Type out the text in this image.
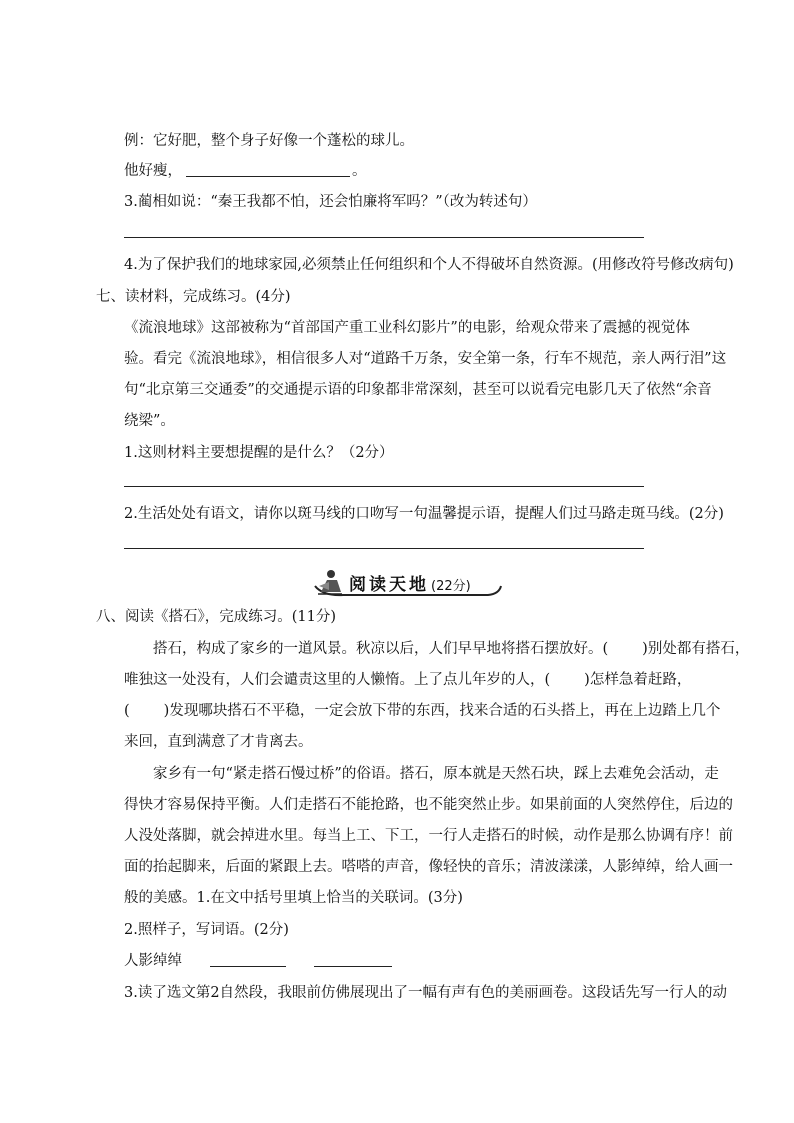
例：它好肥，整个身子好像一个蓬松的球儿。
他好瘦，	。
3.蔺相如说：“秦王我都不怕，还会怕廉将军吗？”（改为转述句）
4.为了保护我们的地球家园,必须禁止任何组织和个人不得破坏自然资源。(用修改符号修改病句)
七、读材料，完成练习。(4分)
《流浪地球》这部被称为“首部国产重工业科幻影片”的电影，给观众带来了震撼的视觉体
验。看完《流浪地球》，相信很多人对“道路千万条，安全第一条，行车不规范，亲人两行泪”这
句“北京第三交通委”的交通提示语的印象都非常深刻，甚至可以说看完电影几天了依然“余音
绕梁”。
1.这则材料主要想提醒的是什么？（2分）
2.生活处处有语文，请你以斑马线的口吻写一句温馨提示语，提醒人们过马路走斑马线。(2分)
阅读天地 (22分)
八、阅读《搭石》，完成练习。(11分)
搭石，构成了家乡的一道风景。秋凉以后，人们早早地将搭石摆放好。( )别处都有搭石，
唯独这一处没有，人们会谴责这里的人懒惰。上了点儿年岁的人，( )怎样急着赶路，
( )发现哪块搭石不平稳，一定会放下带的东西，找来合适的石头搭上，再在上边踏上几个
来回，直到满意了才肯离去。
家乡有一句“紧走搭石慢过桥”的俗语。搭石，原本就是天然石块，踩上去难免会活动，走
得快才容易保持平衡。人们走搭石不能抢路，也不能突然止步。如果前面的人突然停住，后边的
人没处落脚，就会掉进水里。每当上工、下工，一行人走搭石的时候，动作是那么协调有序！前
面的抬起脚来，后面的紧跟上去。嗒嗒的声音，像轻快的音乐；清波漾漾，人影绰绰，给人画一
般的美感。1.在文中括号里填上恰当的关联词。(3分)
2.照样子，写词语。(2分)
人影绰绰
3.读了选文第2自然段，我眼前仿佛展现出了一幅有声有色的美丽画卷。这段话先写一行人的动
